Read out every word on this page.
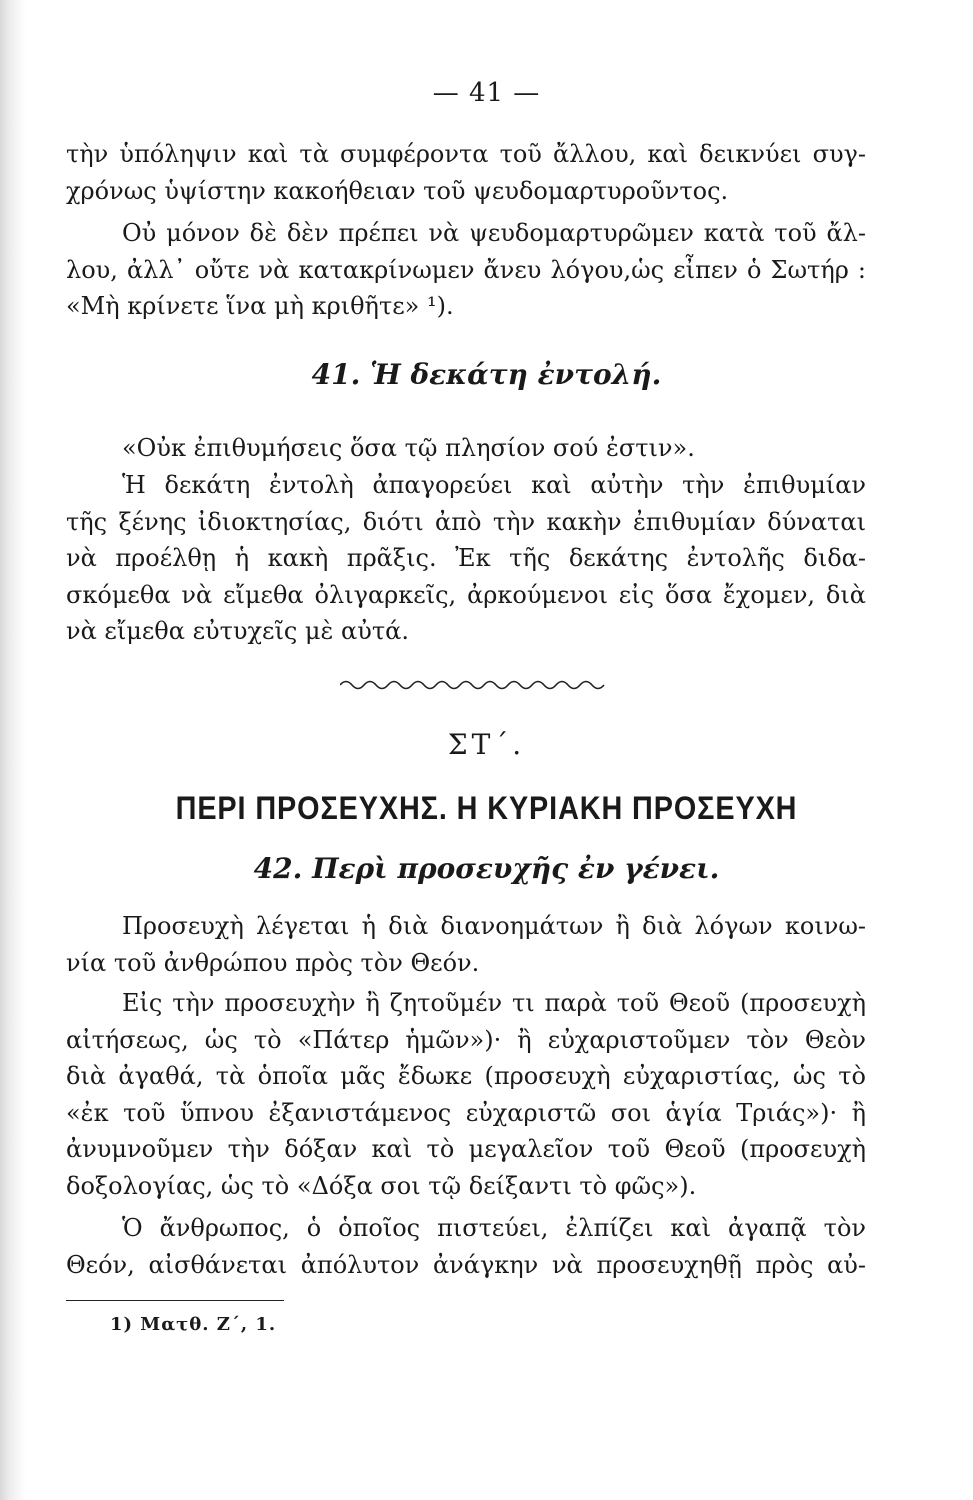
— 41 —
τὴν ὑπόληψιν καὶ τὰ συμφέροντα τοῦ ἄλλου, καὶ δεικνύει συγ-
χρόνως ὑψίστην κακοήθειαν τοῦ ψευδομαρτυροῦντος.
Οὐ μόνον δὲ δὲν πρέπει νὰ ψευδομαρτυρῶμεν κατὰ τοῦ ἄλ-
λου, ἀλλ᾽ οὔτε νὰ κατακρίνωμεν ἄνευ λόγου,ὡς εἶπεν ὁ Σωτήρ :
«Μὴ κρίνετε ἵνα μὴ κριθῆτε» ¹).
41. Ἡ δεκάτη ἐντολή.
«Οὐκ ἐπιθυμήσεις ὅσα τῷ πλησίον σού ἐστιν».
Ἡ δεκάτη ἐντολὴ ἀπαγορεύει καὶ αὐτὴν τὴν ἐπιθυμίαν
τῆς ξένης ἰδιοκτησίας, διότι ἀπὸ τὴν κακὴν ἐπιθυμίαν δύναται
νὰ προέλθῃ ἡ κακὴ πρᾶξις. Ἐκ τῆς δεκάτης ἐντολῆς διδα-
σκόμεθα νὰ εἴμεθα ὀλιγαρκεῖς, ἀρκούμενοι εἰς ὅσα ἔχομεν, διὰ
νὰ εἴμεθα εὐτυχεῖς μὲ αὐτά.
ΣΤ΄.
ΠΕΡΙ ΠΡΟΣΕΥΧΗΣ. Η ΚΥΡΙΑΚΗ ΠΡΟΣΕΥΧΗ
42. Περὶ προσευχῆς ἐν γένει.
Προσευχὴ λέγεται ἡ διὰ διανοημάτων ἢ διὰ λόγων κοινω-
νία τοῦ ἀνθρώπου πρὸς τὸν Θεόν.
Εἰς τὴν προσευχὴν ἢ ζητοῦμέν τι παρὰ τοῦ Θεοῦ (προσευχὴ
αἰτήσεως, ὡς τὸ «Πάτερ ἡμῶν»)· ἢ εὐχαριστοῦμεν τὸν Θεὸν
διὰ ἀγαθά, τὰ ὁποῖα μᾶς ἔδωκε (προσευχὴ εὐχαριστίας, ὡς τὸ
«ἐκ τοῦ ὕπνου ἐξανιστάμενος εὐχαριστῶ σοι ἁγία Τριάς»)· ἢ
ἀνυμνοῦμεν τὴν δόξαν καὶ τὸ μεγαλεῖον τοῦ Θεοῦ (προσευχὴ
δοξολογίας, ὡς τὸ «Δόξα σοι τῷ δείξαντι τὸ φῶς»).
Ὁ ἄνθρωπος, ὁ ὁποῖος πιστεύει, ἐλπίζει καὶ ἀγαπᾷ τὸν
Θεόν, αἰσθάνεται ἀπόλυτον ἀνάγκην νὰ προσευχηθῇ πρὸς αὐ-
1) Ματθ. Ζ΄, 1.
